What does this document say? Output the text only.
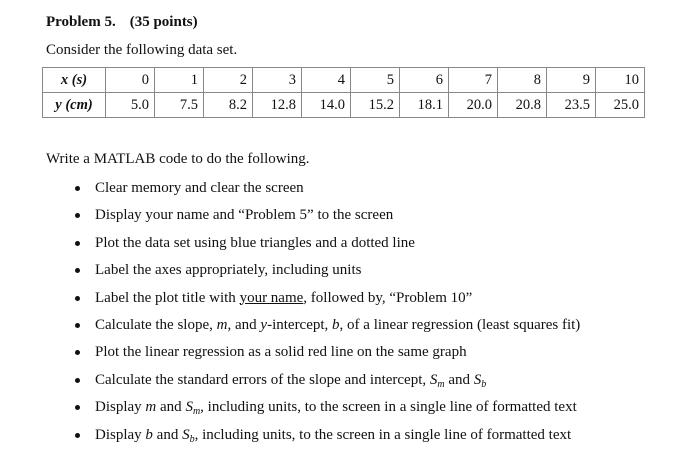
Problem 5. (35 points)
Consider the following data set.
x (s)	0	1	2	3	4	5	6	7	8	9	10
y (cm)	5.0	7.5	8.2	12.8	14.0	15.2	18.1	20.0	20.8	23.5	25.0
Write a MATLAB code to do the following.
Clear memory and clear the screen
Display your name and “Problem 5” to the screen
Plot the data set using blue triangles and a dotted line
Label the axes appropriately, including units
Label the plot title with your name, followed by, “Problem 10”
Calculate the slope, m, and y-intercept, b, of a linear regression (least squares fit)
Plot the linear regression as a solid red line on the same graph
Calculate the standard errors of the slope and intercept, $S_m$ and $S_b$
Display m and $S_m$, including units, to the screen in a single line of formatted text
Display b and $S_b$, including units, to the screen in a single line of formatted text
